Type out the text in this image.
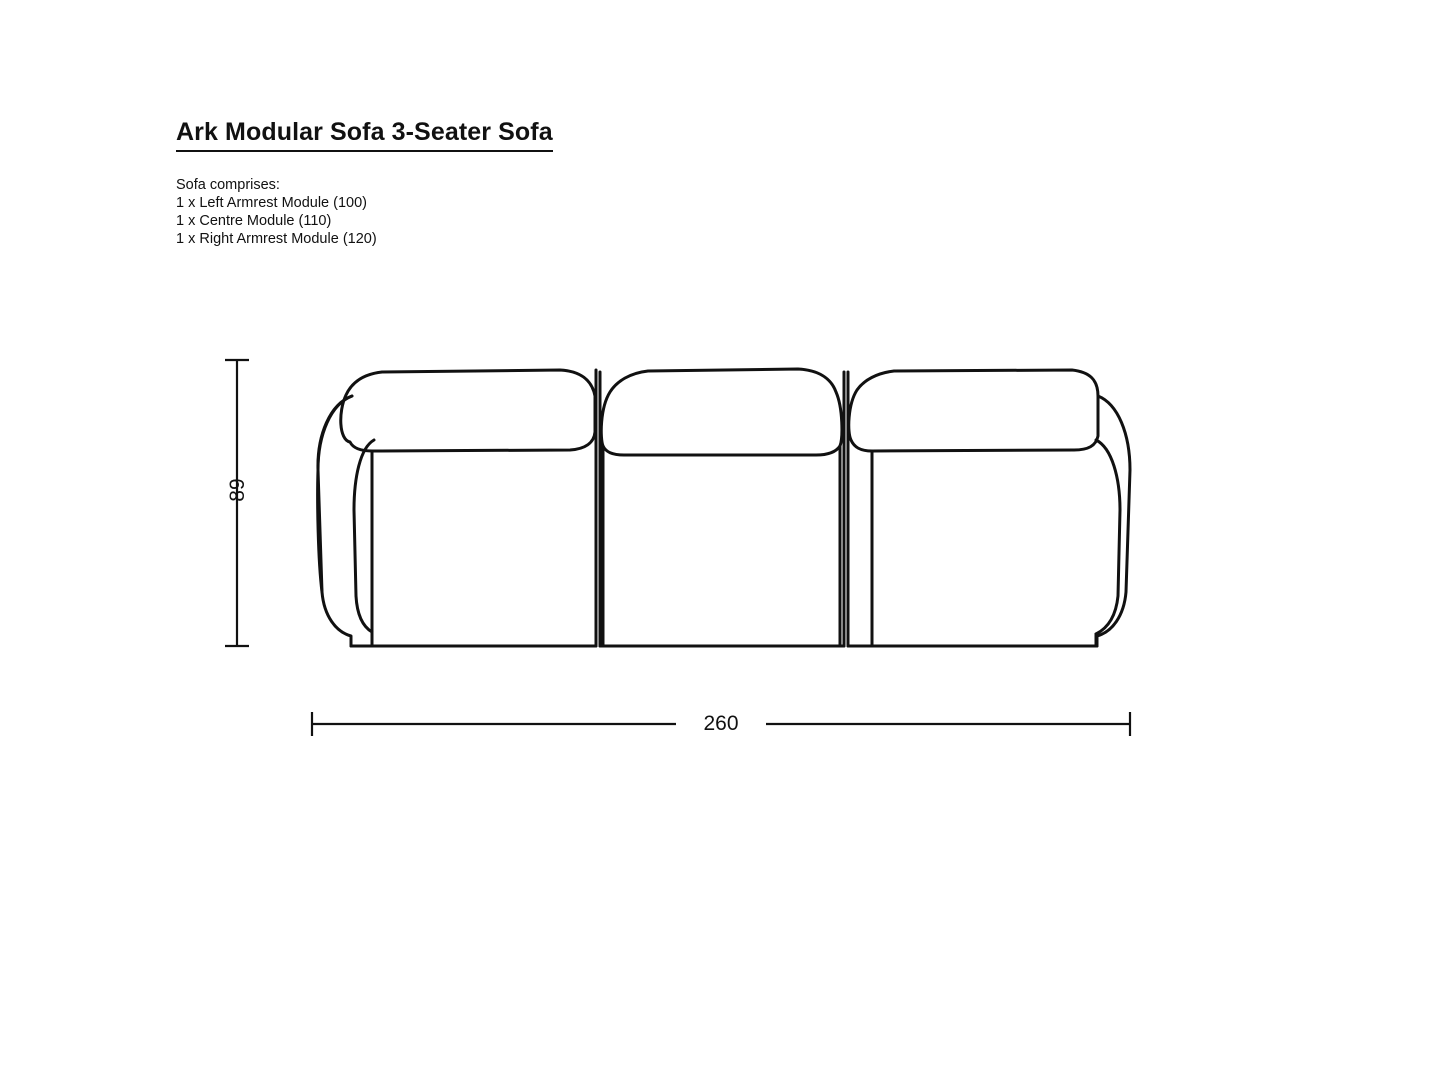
Ark Modular Sofa 3-Seater Sofa
Sofa comprises:
1 x Left Armrest Module (100)
1 x Centre Module (110)
1 x Right Armrest Module (120)
89
260
